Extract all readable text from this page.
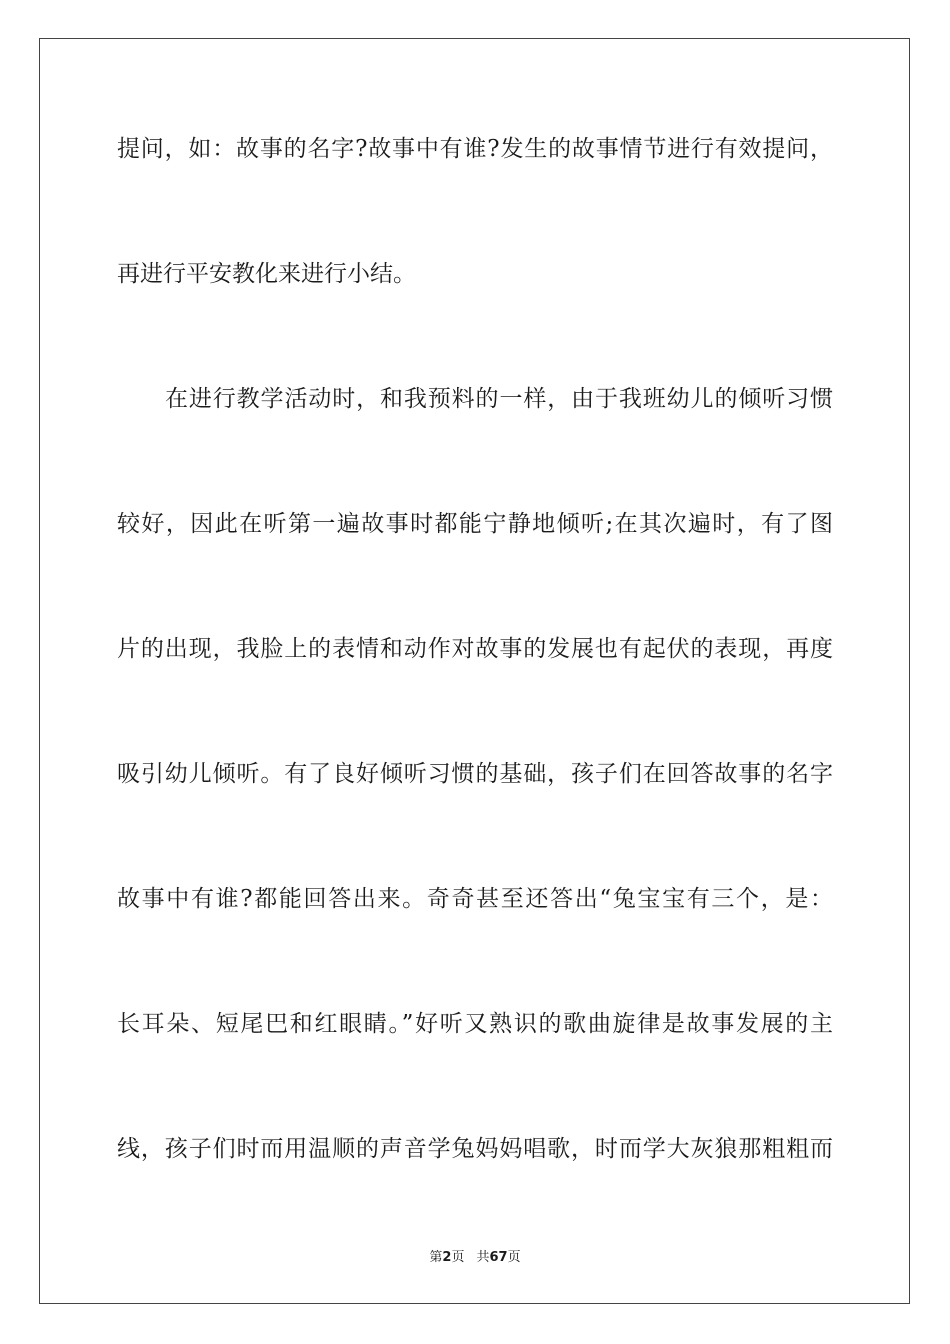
提问，如：故事的名字?故事中有谁?发生的故事情节进行有效提问，
再进行平安教化来进行小结。
在进行教学活动时，和我预料的一样，由于我班幼儿的倾听习惯
较好，因此在听第一遍故事时都能宁静地倾听;在其次遍时，有了图
片的出现，我脸上的表情和动作对故事的发展也有起伏的表现，再度
吸引幼儿倾听。有了良好倾听习惯的基础，孩子们在回答故事的名字
故事中有谁?都能回答出来。奇奇甚至还答出“兔宝宝有三个，是：
长耳朵、短尾巴和红眼睛。”好听又熟识的歌曲旋律是故事发展的主
线，孩子们时而用温顺的声音学兔妈妈唱歌，时而学大灰狼那粗粗而
第2页 共67页
